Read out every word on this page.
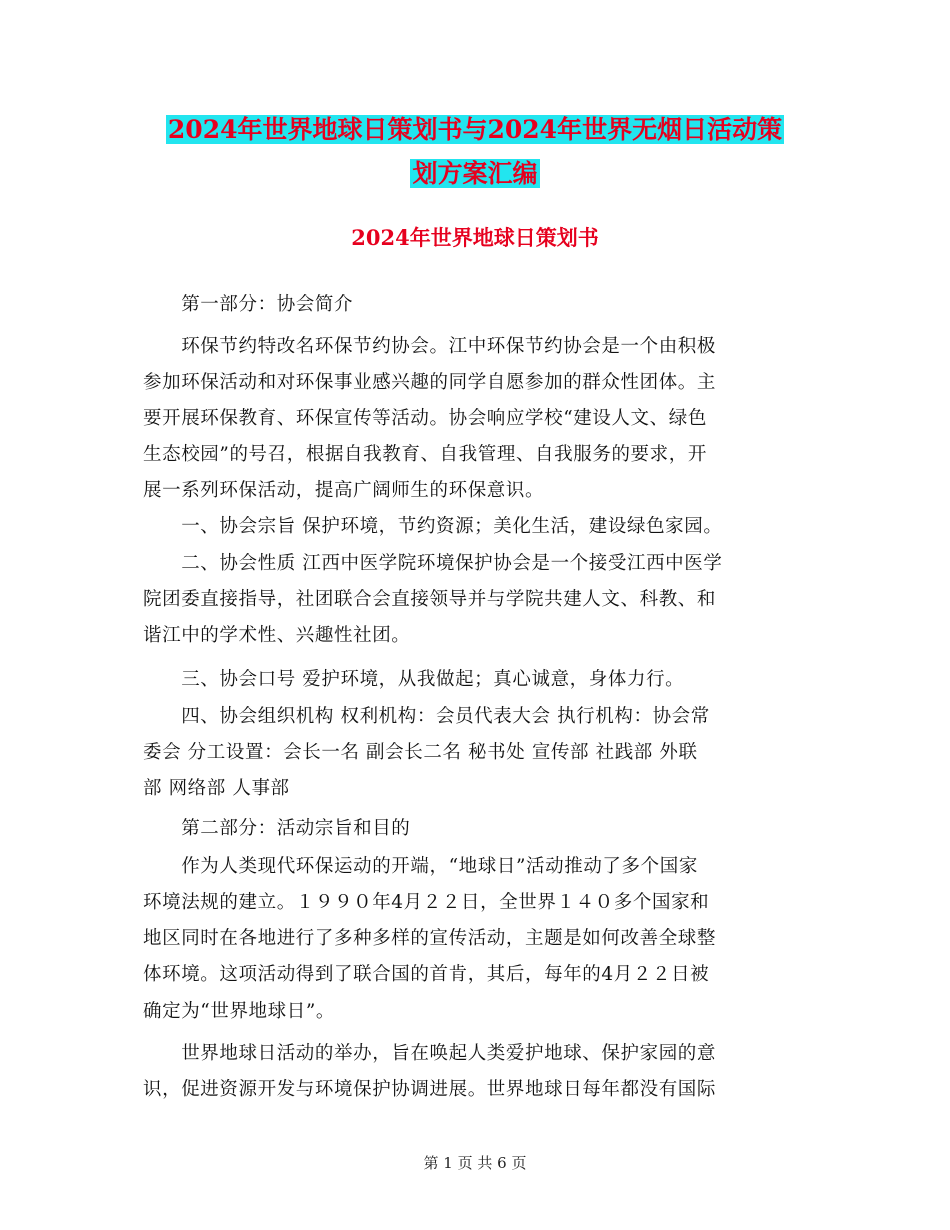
2024年世界地球日策划书与2024年世界无烟日活动策
划方案汇编
2024年世界地球日策划书
　　第一部分：协会简介
　　环保节约特改名环保节约协会。江中环保节约协会是一个由积极
参加环保活动和对环保事业感兴趣的同学自愿参加的群众性团体。主
要开展环保教育、环保宣传等活动。协会响应学校“建设人文、绿色
生态校园”的号召，根据自我教育、自我管理、自我服务的要求，开
展一系列环保活动，提高广阔师生的环保意识。
　　一、协会宗旨 保护环境，节约资源；美化生活，建设绿色家园。
　　二、协会性质 江西中医学院环境保护协会是一个接受江西中医学
院团委直接指导，社团联合会直接领导并与学院共建人文、科教、和
谐江中的学术性、兴趣性社团。
　　三、协会口号 爱护环境，从我做起；真心诚意，身体力行。
　　四、协会组织机构 权利机构：会员代表大会 执行机构：协会常
委会 分工设置：会长一名 副会长二名 秘书处 宣传部 社践部 外联
部 网络部 人事部
　　第二部分：活动宗旨和目的
　　作为人类现代环保运动的开端，“地球日”活动推动了多个国家
环境法规的建立。１９９０年4月２２日，全世界１４０多个国家和
地区同时在各地进行了多种多样的宣传活动，主题是如何改善全球整
体环境。这项活动得到了联合国的首肯，其后，每年的4月２２日被
确定为“世界地球日”。
　　世界地球日活动的举办，旨在唤起人类爱护地球、保护家园的意
识，促进资源开发与环境保护协调进展。世界地球日每年都没有国际
第 1 页 共 6 页
